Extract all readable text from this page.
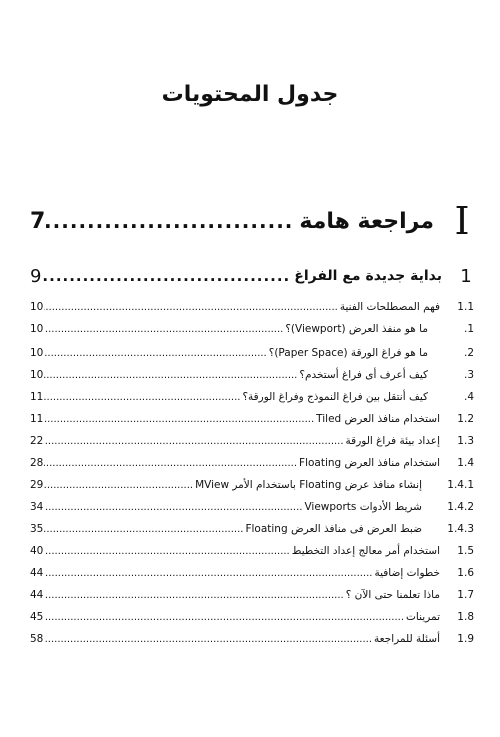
جدول المحتويات
I
مراجعة هامة
.....
7
1
بداية جديدة مع الفراغ
.....
9
1.1
فهم المصطلحات الفنية
.....
10
1.
ما هو منفذ العرض (Viewport)؟
.....
10
2.
ما هو فراغ الورقة (Paper Space)؟
.....
10
3.
كيف أعرف أى فراغ أستخدم؟
.....
10
4.
كيف أنتقل بين فراغ النموذج وفراغ الورقة؟
.....
11
1.2
استخدام منافذ العرض Tiled
.....
11
1.3
إعداد بيئة فراغ الورقة
.....
22
1.4
استخدام منافذ العرض Floating
.....
28
1.4.1
إنشاء منافذ عرض Floating باستخدام الأمر MView
.....
29
1.4.2
شريط الأدوات Viewports
.....
34
1.4.3
ضبط العرض فى منافذ العرض Floating
.....
35
1.5
استخدام أمر معالج إعداد التخطيط
.....
40
1.6
خطوات إضافية
.....
44
1.7
ماذا تعلمنا حتى الآن ؟
.....
44
1.8
تمرينات
.....
45
1.9
أسئلة للمراجعة
.....
58
